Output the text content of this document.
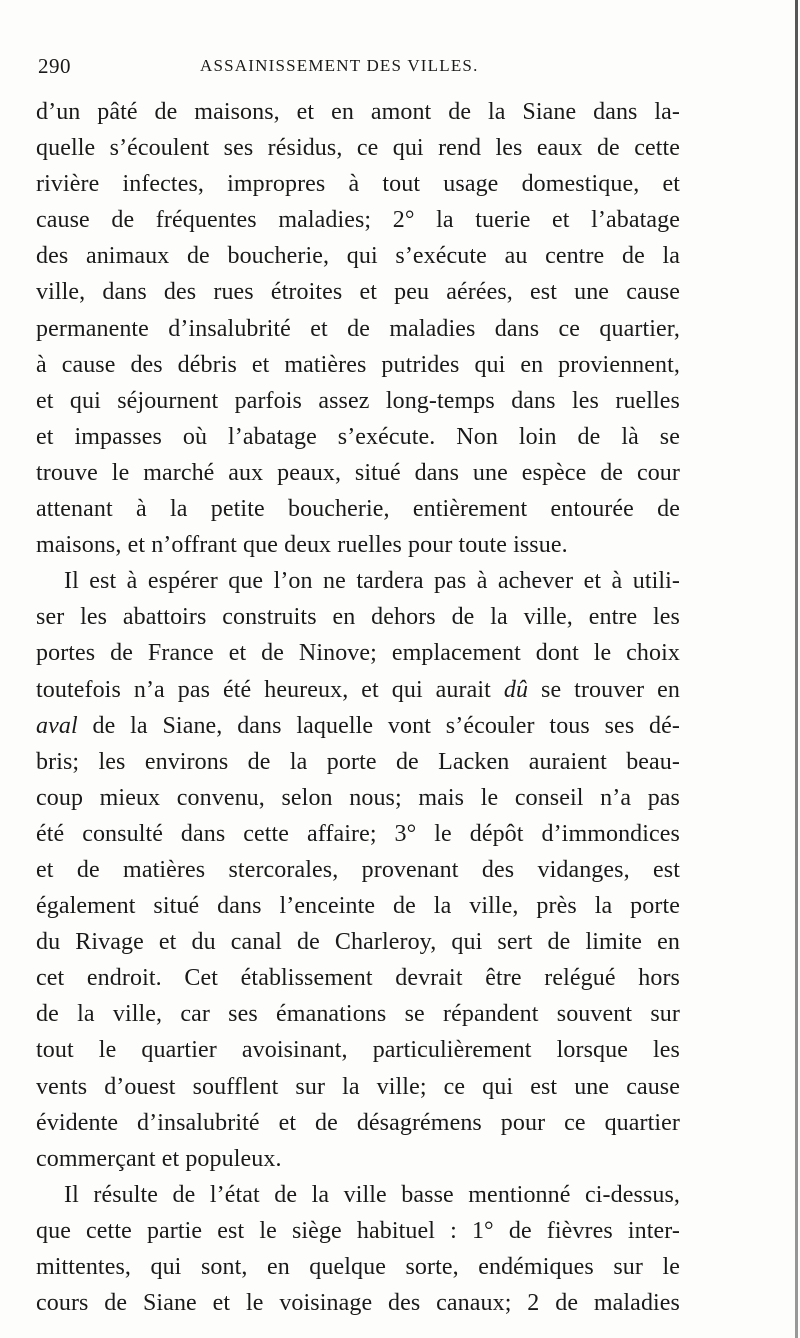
290	ASSAINISSEMENT DES VILLES.
d’un pâté de maisons, et en amont de la Siane dans la-
quelle s’écoulent ses résidus, ce qui rend les eaux de cette
rivière infectes, impropres à tout usage domestique, et
cause de fréquentes maladies; 2° la tuerie et l’abatage
des animaux de boucherie, qui s’exécute au centre de la
ville, dans des rues étroites et peu aérées, est une cause
permanente d’insalubrité et de maladies dans ce quartier,
à cause des débris et matières putrides qui en proviennent,
et qui séjournent parfois assez long-temps dans les ruelles
et impasses où l’abatage s’exécute. Non loin de là se
trouve le marché aux peaux, situé dans une espèce de cour
attenant à la petite boucherie, entièrement entourée de
maisons, et n’offrant que deux ruelles pour toute issue.
Il est à espérer que l’on ne tardera pas à achever et à utili-
ser les abattoirs construits en dehors de la ville, entre les
portes de France et de Ninove; emplacement dont le choix
toutefois n’a pas été heureux, et qui aurait dû se trouver en
aval de la Siane, dans laquelle vont s’écouler tous ses dé-
bris; les environs de la porte de Lacken auraient beau-
coup mieux convenu, selon nous; mais le conseil n’a pas
été consulté dans cette affaire; 3° le dépôt d’immondices
et de matières stercorales, provenant des vidanges, est
également situé dans l’enceinte de la ville, près la porte
du Rivage et du canal de Charleroy, qui sert de limite en
cet endroit. Cet établissement devrait être relégué hors
de la ville, car ses émanations se répandent souvent sur
tout le quartier avoisinant, particulièrement lorsque les
vents d’ouest soufflent sur la ville; ce qui est une cause
évidente d’insalubrité et de désagrémens pour ce quartier
commerçant et populeux.
Il résulte de l’état de la ville basse mentionné ci-dessus,
que cette partie est le siège habituel : 1° de fièvres inter-
mittentes, qui sont, en quelque sorte, endémiques sur le
cours de Siane et le voisinage des canaux; 2 de maladies
